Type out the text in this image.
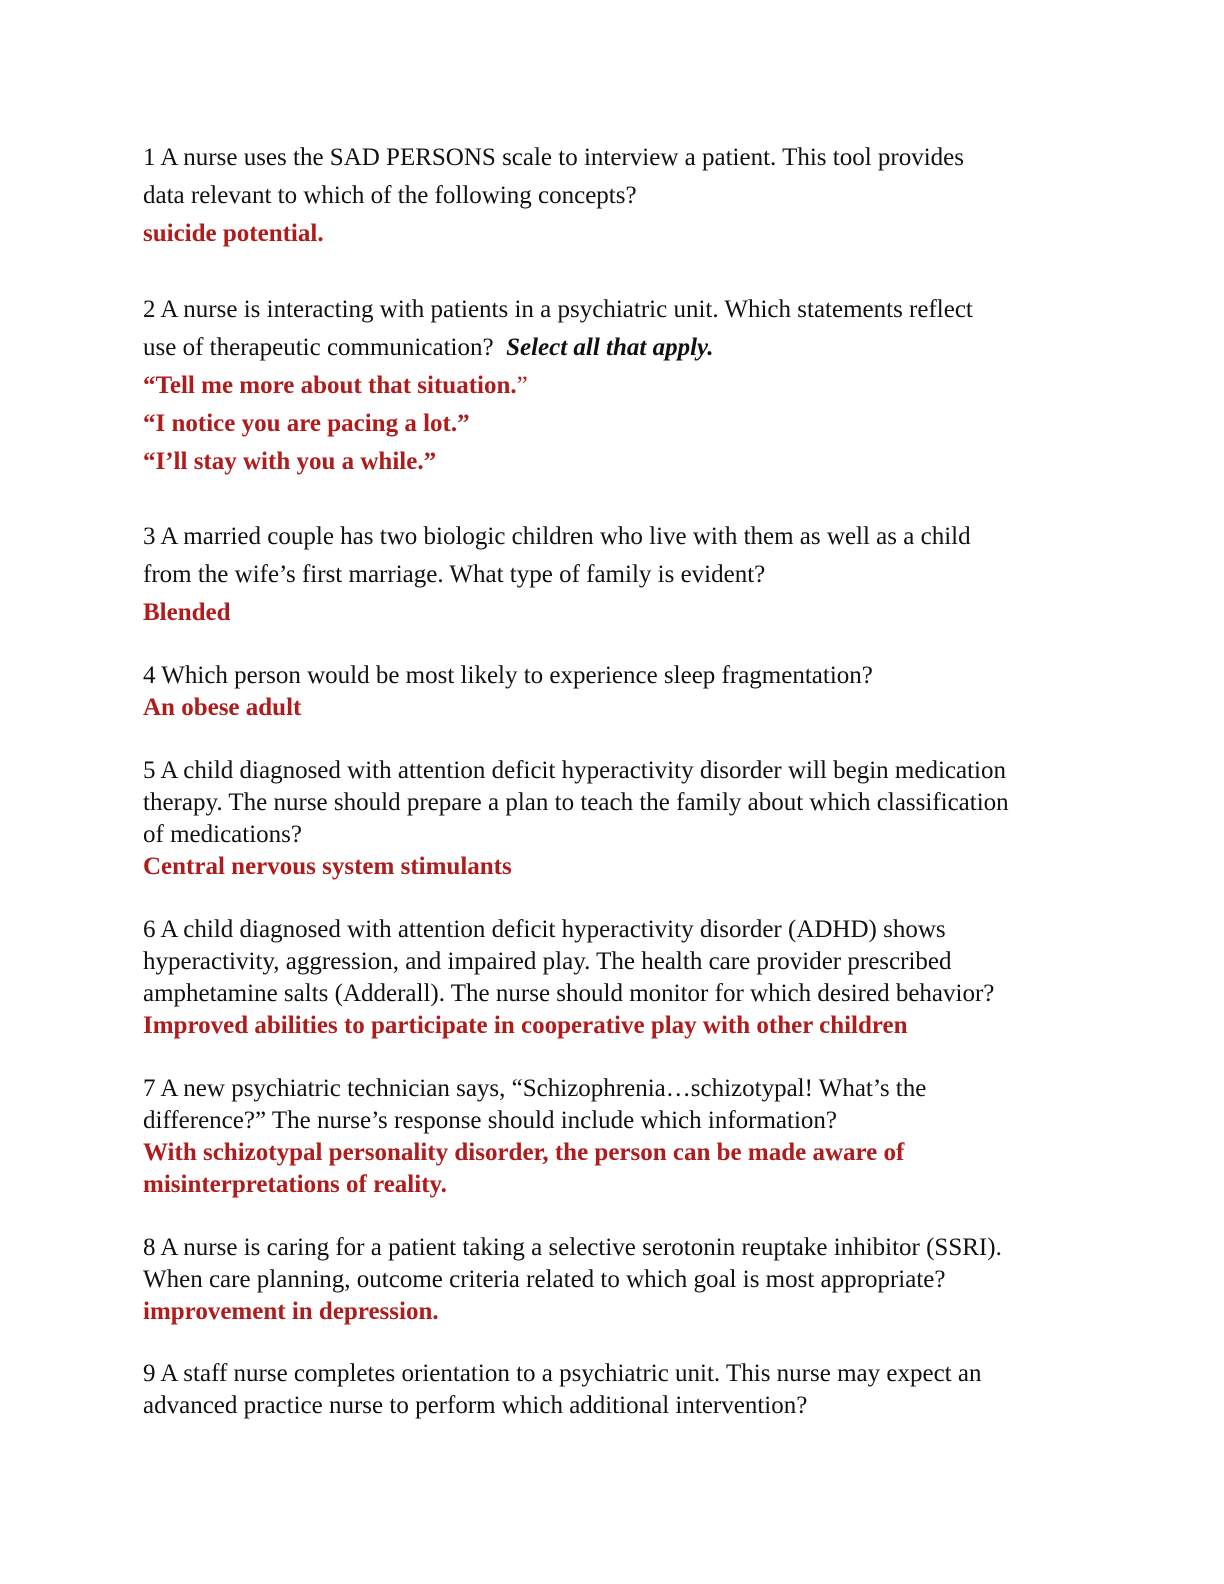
1 A nurse uses the SAD PERSONS scale to interview a patient. This tool provides

data relevant to which of the following concepts?

suicide potential.

2 A nurse is interacting with patients in a psychiatric unit. Which statements reflect

use of therapeutic communication? Select all that apply.

“Tell me more about that situation.”

“I notice you are pacing a lot.”

“I’ll stay with you a while.”

3 A married couple has two biologic children who live with them as well as a child

from the wife’s first marriage. What type of family is evident?

Blended

4 Which person would be most likely to experience sleep fragmentation?

An obese adult

5 A child diagnosed with attention deficit hyperactivity disorder will begin medication

therapy. The nurse should prepare a plan to teach the family about which classification

of medications?

Central nervous system stimulants

6 A child diagnosed with attention deficit hyperactivity disorder (ADHD) shows

hyperactivity, aggression, and impaired play. The health care provider prescribed

amphetamine salts (Adderall). The nurse should monitor for which desired behavior?

Improved abilities to participate in cooperative play with other children

7 A new psychiatric technician says, “Schizophrenia…schizotypal! What’s the

difference?” The nurse’s response should include which information?

With schizotypal personality disorder, the person can be made aware of

misinterpretations of reality.

8 A nurse is caring for a patient taking a selective serotonin reuptake inhibitor (SSRI).

When care planning, outcome criteria related to which goal is most appropriate?

improvement in depression.

9 A staff nurse completes orientation to a psychiatric unit. This nurse may expect an

advanced practice nurse to perform which additional intervention?
